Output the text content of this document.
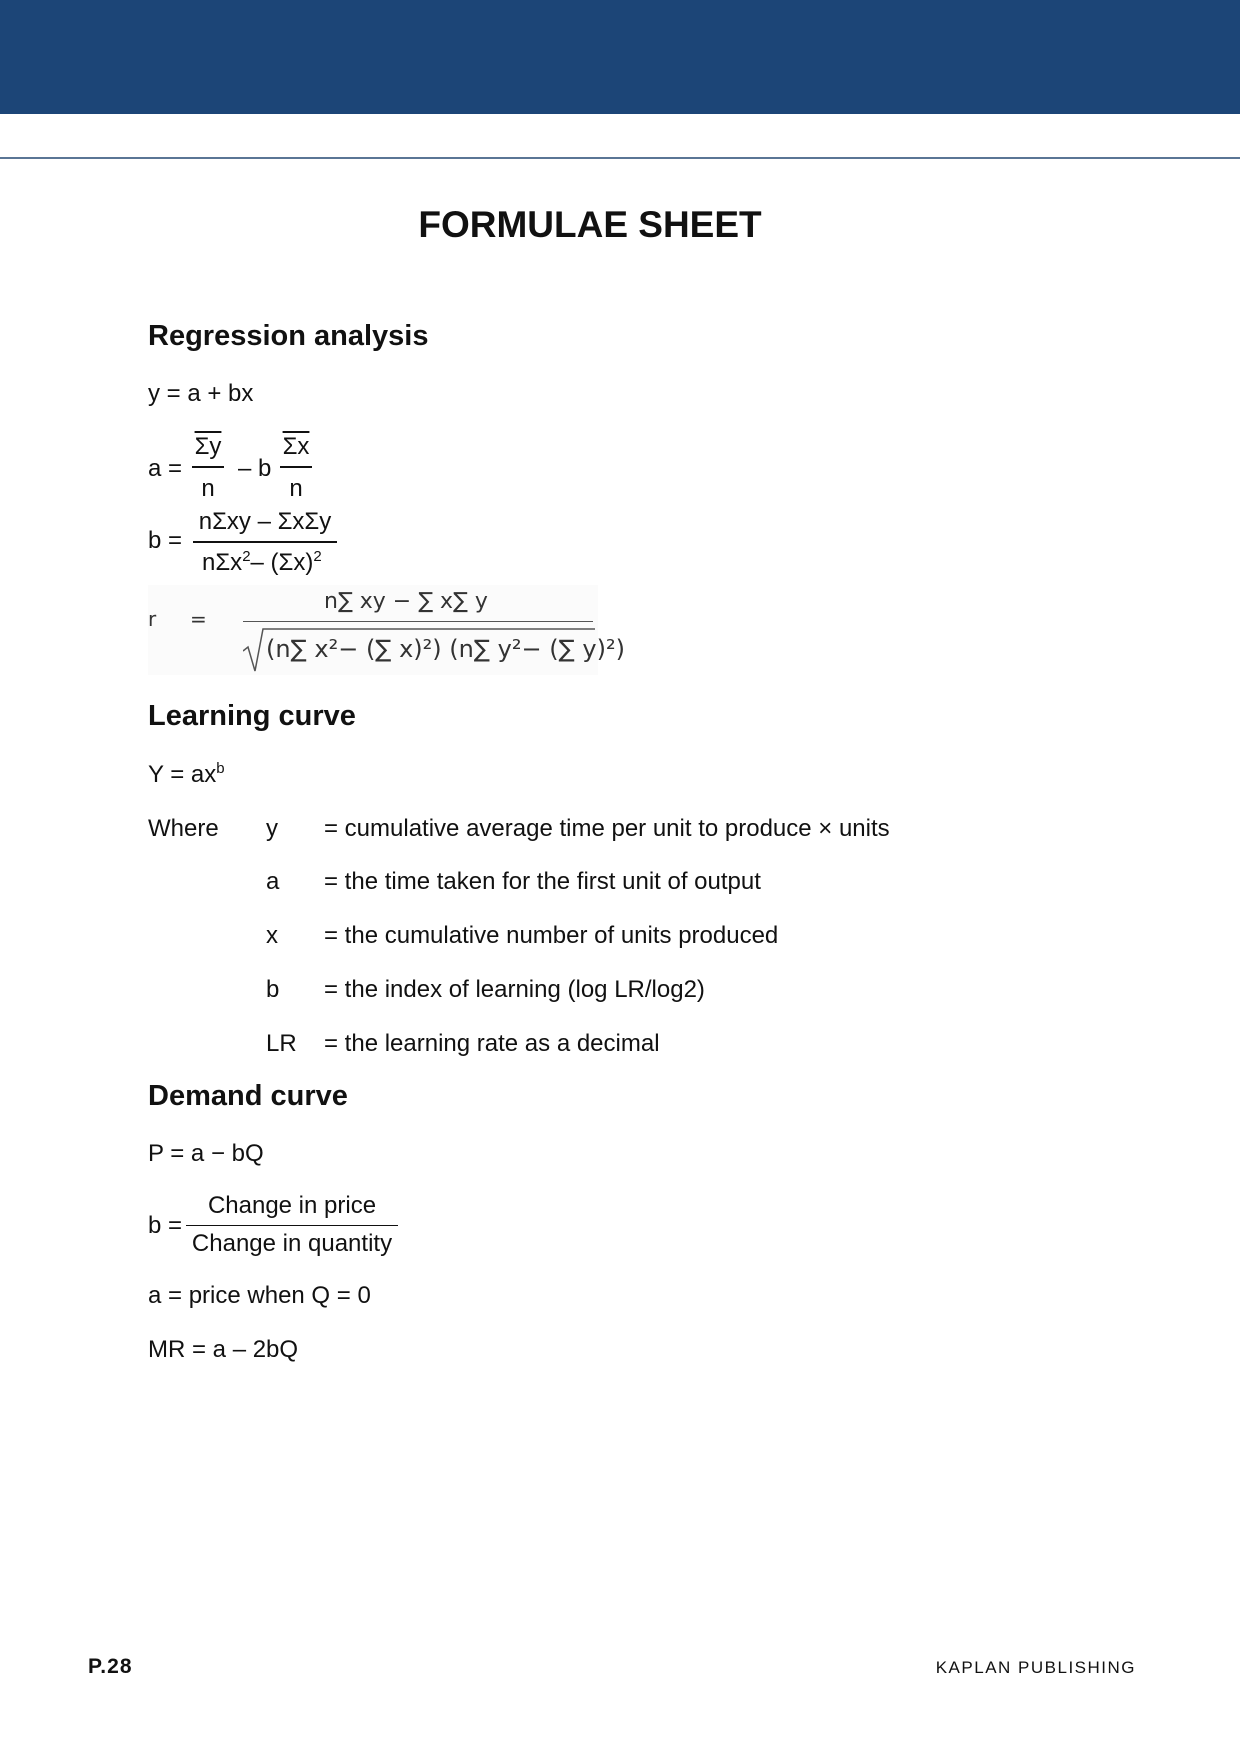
FORMULAE SHEET
Regression analysis
y = a + bx
a =
$\overline{\Sigma y}$
n
– b
$\overline{\Sigma x}$
n
b =
nΣxy – ΣxΣy
nΣx$^2$– $(\Sigma x)^2$
r =
n∑ xy − ∑ x∑ y
(n∑ x²− (∑ x)²) (n∑ y²− (∑ y)²)
Learning curve
$Y = ax^b$
Where y = cumulative average time per unit to produce × units
a = the time taken for the first unit of output
x = the cumulative number of units produced
b = the index of learning (log LR/log2)
LR = the learning rate as a decimal
Demand curve
P = a − bQ
b =
Change in price
Change in quantity
a = price when Q = 0
MR = a – 2bQ
P.28	KAPLAN PUBLISHING
